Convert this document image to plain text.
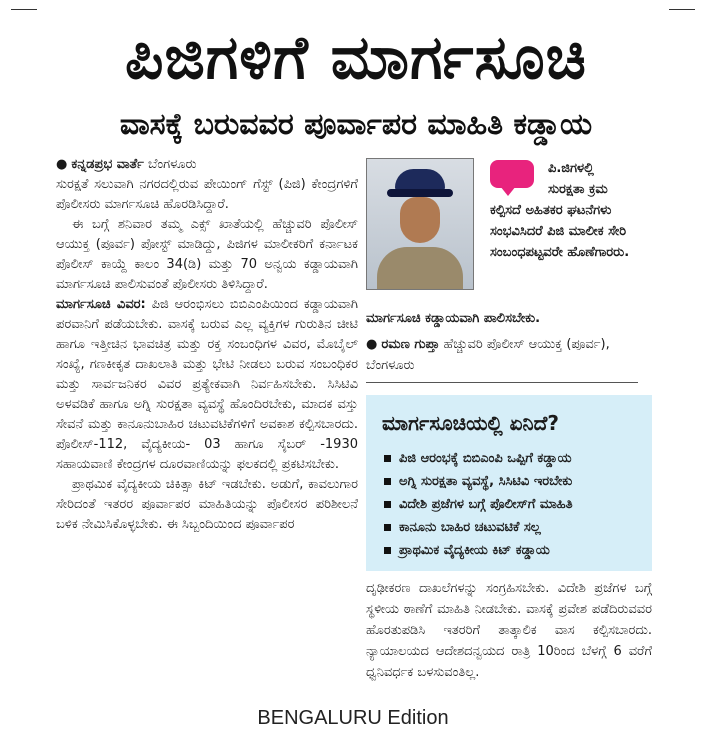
ಪಿಜಿಗಳಿಗೆ ಮಾರ್ಗಸೂಚಿ
ವಾಸಕ್ಕೆ ಬರುವವರ ಪೂರ್ವಾಪರ ಮಾಹಿತಿ ಕಡ್ಡಾಯ

● ಕನ್ನಡಪ್ರಭ ವಾರ್ತೆ ಬೆಂಗಳೂರು

ಸುರಕ್ಷತೆ ಸಲುವಾಗಿ ನಗರದಲ್ಲಿರುವ ಪೇಯಿಂಗ್ ಗೆಸ್ಟ್ (ಪಿಜಿ) ಕೇಂದ್ರಗಳಿಗೆ ಪೊಲೀಸರು ಮಾರ್ಗಸೂಚಿ ಹೊರಡಿಸಿದ್ದಾರೆ.

ಈ ಬಗ್ಗೆ ಶನಿವಾರ ತಮ್ಮ ಎಕ್ಸ್ ಖಾತೆಯಲ್ಲಿ ಹೆಚ್ಚುವರಿ ಪೊಲೀಸ್ ಆಯುಕ್ತ (ಪೂರ್ವ) ಪೋಸ್ಟ್ ಮಾಡಿದ್ದು, ಪಿಜಿಗಳ ಮಾಲೀಕರಿಗೆ ಕರ್ನಾಟಕ ಪೊಲೀಸ್ ಕಾಯ್ದೆ ಕಾಲಂ 34(ಡಿ) ಮತ್ತು 70 ಅನ್ವಯ ಕಡ್ಡಾಯವಾಗಿ ಮಾರ್ಗಸೂಚಿ ಪಾಲಿಸುವಂತೆ ಪೊಲೀಸರು ತಿಳಿಸಿದ್ದಾರೆ.

ಮಾರ್ಗಸೂಚಿ ವಿವರ: ಪಿಜಿ ಆರಂಭಿಸಲು ಬಿಬಿಎಂಪಿಯಿಂದ ಕಡ್ಡಾಯವಾಗಿ ಪರವಾನಿಗೆ ಪಡೆಯಬೇಕು. ವಾಸಕ್ಕೆ ಬರುವ ಎಲ್ಲ ವ್ಯಕ್ತಿಗಳ ಗುರುತಿನ ಚೀಟಿ ಹಾಗೂ ಇತ್ತೀಚಿನ ಭಾವಚಿತ್ರ ಮತ್ತು ರಕ್ತ ಸಂಬಂಧಿಗಳ ವಿವರ, ಮೊಬೈಲ್ ಸಂಖ್ಯೆ, ಗಣಕೀಕೃತ ದಾಖಲಾತಿ ಮತ್ತು ಭೇಟಿ ನೀಡಲು ಬರುವ ಸಂಬಂಧಿಕರ ಮತ್ತು ಸಾರ್ವಜನಿಕರ ವಿವರ ಪ್ರತ್ಯೇಕವಾಗಿ ನಿರ್ವಹಿಸಬೇಕು. ಸಿಸಿಟಿವಿ ಅಳವಡಿಕೆ ಹಾಗೂ ಅಗ್ನಿ ಸುರಕ್ಷತಾ ವ್ಯವಸ್ಥೆ ಹೊಂದಿರಬೇಕು, ಮಾದಕ ವಸ್ತು ಸೇವನೆ ಮತ್ತು ಕಾನೂನುಬಾಹಿರ ಚಟುವಟಿಕೆಗಳಿಗೆ ಅವಕಾಶ ಕಲ್ಪಿಸಬಾರದು. ಪೊಲೀಸ್-112, ವೈದ್ಯಕೀಯ- 03 ಹಾಗೂ ಸೈಬರ್ -1930 ಸಹಾಯವಾಣಿ ಕೇಂದ್ರಗಳ ದೂರವಾಣಿಯನ್ನು ಫಲಕದಲ್ಲಿ ಪ್ರಕಟಿಸಬೇಕು.

ಪ್ರಾಥಮಿಕ ವೈದ್ಯಕೀಯ ಚಿಕಿತ್ಸಾ ಕಿಟ್ ಇಡಬೇಕು. ಅಡುಗೆ, ಕಾವಲುಗಾರ ಸೇರಿದಂತೆ ಇತರರ ಪೂರ್ವಾಪರ ಮಾಹಿತಿಯನ್ನು ಪೊಲೀಸರ ಪರಿಶೀಲನೆ ಬಳಿಕ ನೇಮಿಸಿಕೊಳ್ಳಬೇಕು. ಈ ಸಿಬ್ಬಂದಿಯಿಂದ ಪೂರ್ವಾಪರ

ಪಿ.ಜಿಗಳಲ್ಲಿ
ಸುರಕ್ಷತಾ ಕ್ರಮ
ಕಲ್ಪಿಸದೆ ಅಹಿತಕರ ಘಟನೆಗಳು ಸಂಭವಿಸಿದರೆ ಪಿಜಿ ಮಾಲೀಕ ಸೇರಿ ಸಂಬಂಧಪಟ್ಟವರೇ ಹೊಣೆಗಾರರು.
ಮಾರ್ಗಸೂಚಿ ಕಡ್ಡಾಯವಾಗಿ ಪಾಲಿಸಬೇಕು.
● ರಮಣ ಗುಪ್ತಾ ಹೆಚ್ಚುವರಿ ಪೊಲೀಸ್ ಆಯುಕ್ತ (ಪೂರ್ವ), ಬೆಂಗಳೂರು
ಮಾರ್ಗಸೂಚಿಯಲ್ಲಿ ಏನಿದೆ?
ಪಿಜಿ ಆರಂಭಕ್ಕೆ ಬಿಬಿಎಂಪಿ ಒಪ್ಪಿಗೆ ಕಡ್ಡಾಯ
ಅಗ್ನಿ ಸುರಕ್ಷತಾ ವ್ಯವಸ್ಥೆ, ಸಿಸಿಟಿವಿ ಇರಬೇಕು
ವಿದೇಶಿ ಪ್ರಜೆಗಳ ಬಗ್ಗೆ ಪೊಲೀಸ್‌ಗೆ ಮಾಹಿತಿ
ಕಾನೂನು ಬಾಹಿರ ಚಟುವಟಿಕೆ ಸಲ್ಲ
ಪ್ರಾಥಮಿಕ ವೈದ್ಯಕೀಯ ಕಿಟ್ ಕಡ್ಡಾಯ

ದೃಢೀಕರಣ ದಾಖಲೆಗಳನ್ನು ಸಂಗ್ರಹಿಸಬೇಕು. ವಿದೇಶಿ ಪ್ರಜೆಗಳ ಬಗ್ಗೆ ಸ್ಥಳೀಯ ಠಾಣೆಗೆ ಮಾಹಿತಿ ನೀಡಬೇಕು. ವಾಸಕ್ಕೆ ಪ್ರವೇಶ ಪಡೆದಿರುವವರ ಹೊರತುಪಡಿಸಿ ಇತರರಿಗೆ ತಾತ್ಕಾಲಿಕ ವಾಸ ಕಲ್ಪಿಸಬಾರದು. ನ್ಯಾಯಾಲಯದ ಆದೇಶದನ್ವಯದ ರಾತ್ರಿ 10ರಿಂದ ಬೆಳಗ್ಗೆ 6 ವರೆಗೆ ಧ್ವನಿವರ್ಧಕ ಬಳಸುವಂತಿಲ್ಲ.

BENGALURU Edition
